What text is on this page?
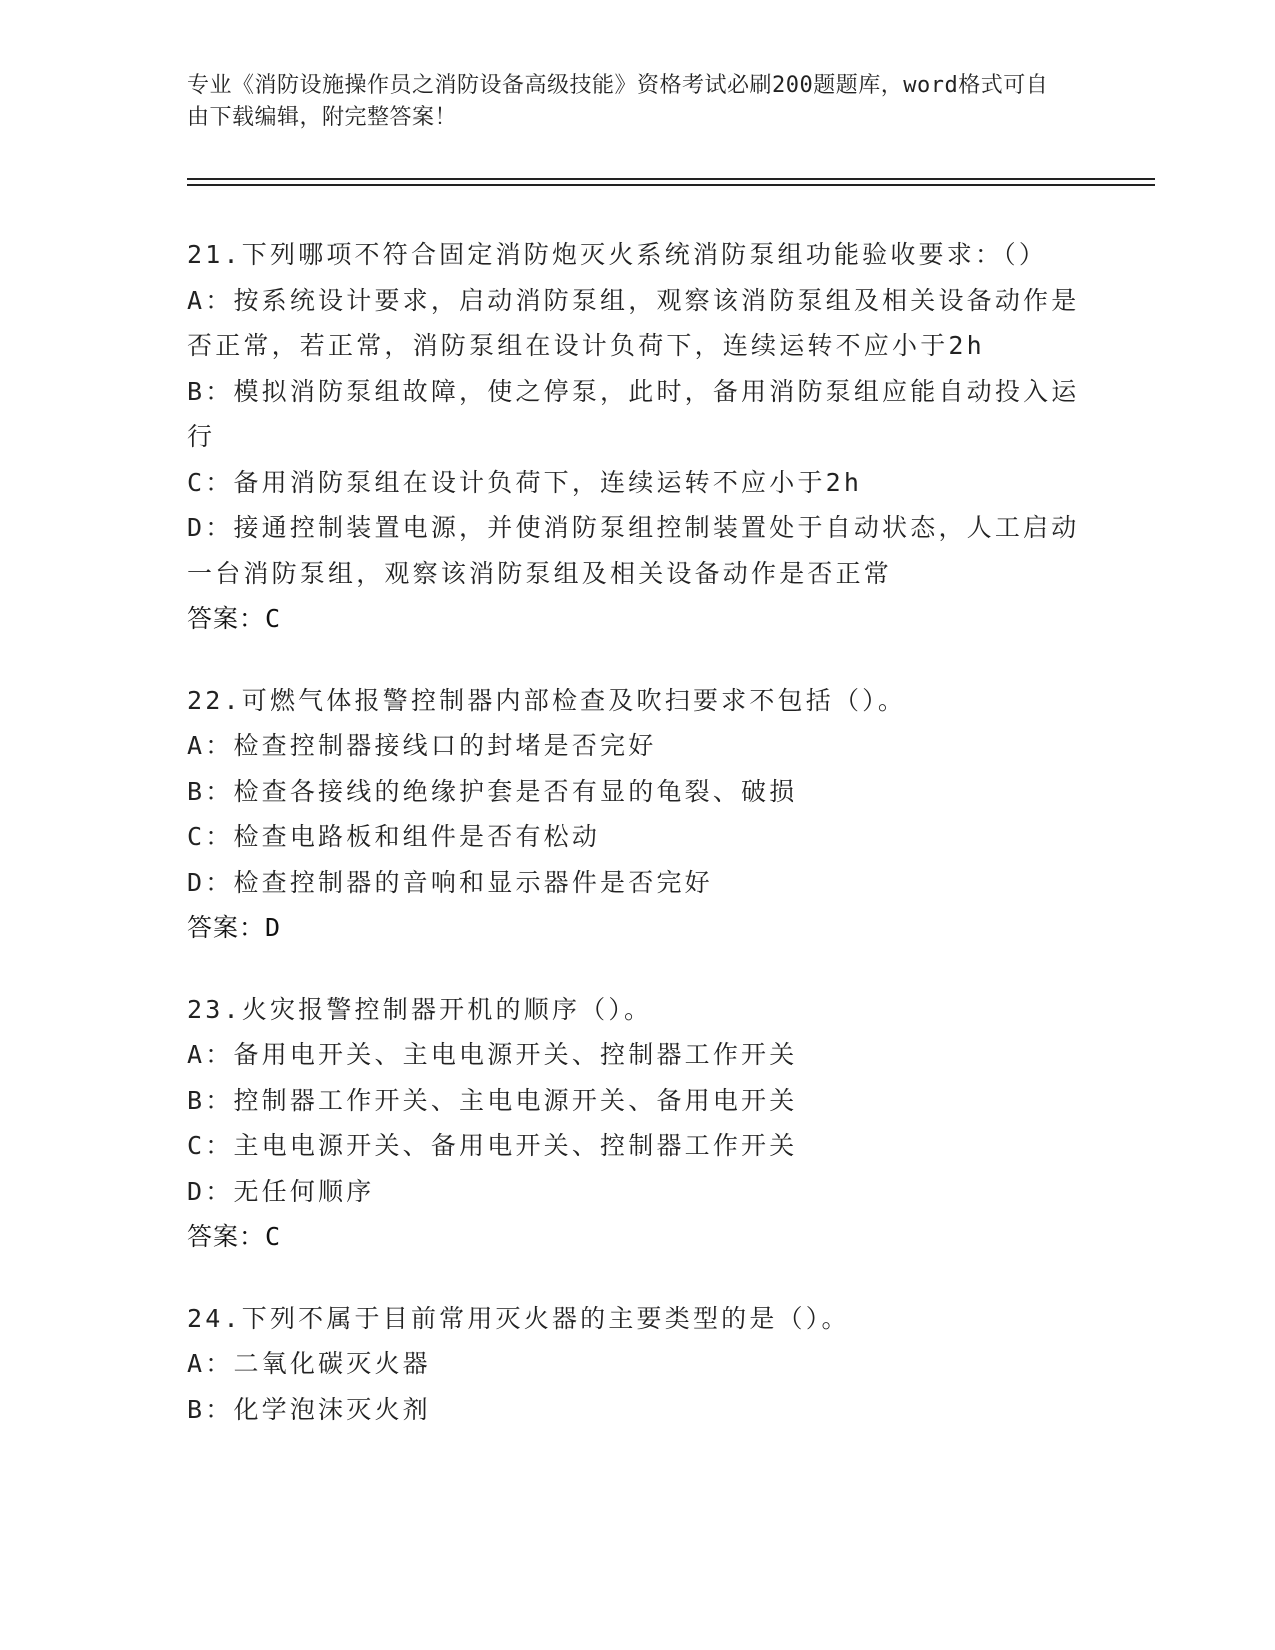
专业《消防设施操作员之消防设备高级技能》资格考试必刷200题题库，word格式可自由下载编辑，附完整答案！
21.下列哪项不符合固定消防炮灭火系统消防泵组功能验收要求：（）
A：按系统设计要求，启动消防泵组，观察该消防泵组及相关设备动作是否正常，若正常，消防泵组在设计负荷下，连续运转不应小于2h
B：模拟消防泵组故障，使之停泵，此时，备用消防泵组应能自动投入运行
C：备用消防泵组在设计负荷下，连续运转不应小于2h
D：接通控制装置电源，并使消防泵组控制装置处于自动状态，人工启动一台消防泵组，观察该消防泵组及相关设备动作是否正常
答案：C
22.可燃气体报警控制器内部检查及吹扫要求不包括（）。
A：检查控制器接线口的封堵是否完好
B：检查各接线的绝缘护套是否有显的龟裂、破损
C：检查电路板和组件是否有松动
D：检查控制器的音响和显示器件是否完好
答案：D
23.火灾报警控制器开机的顺序（）。
A：备用电开关、主电电源开关、控制器工作开关
B：控制器工作开关、主电电源开关、备用电开关
C：主电电源开关、备用电开关、控制器工作开关
D：无任何顺序
答案：C
24.下列不属于目前常用灭火器的主要类型的是（）。
A：二氧化碳灭火器
B：化学泡沫灭火剂
